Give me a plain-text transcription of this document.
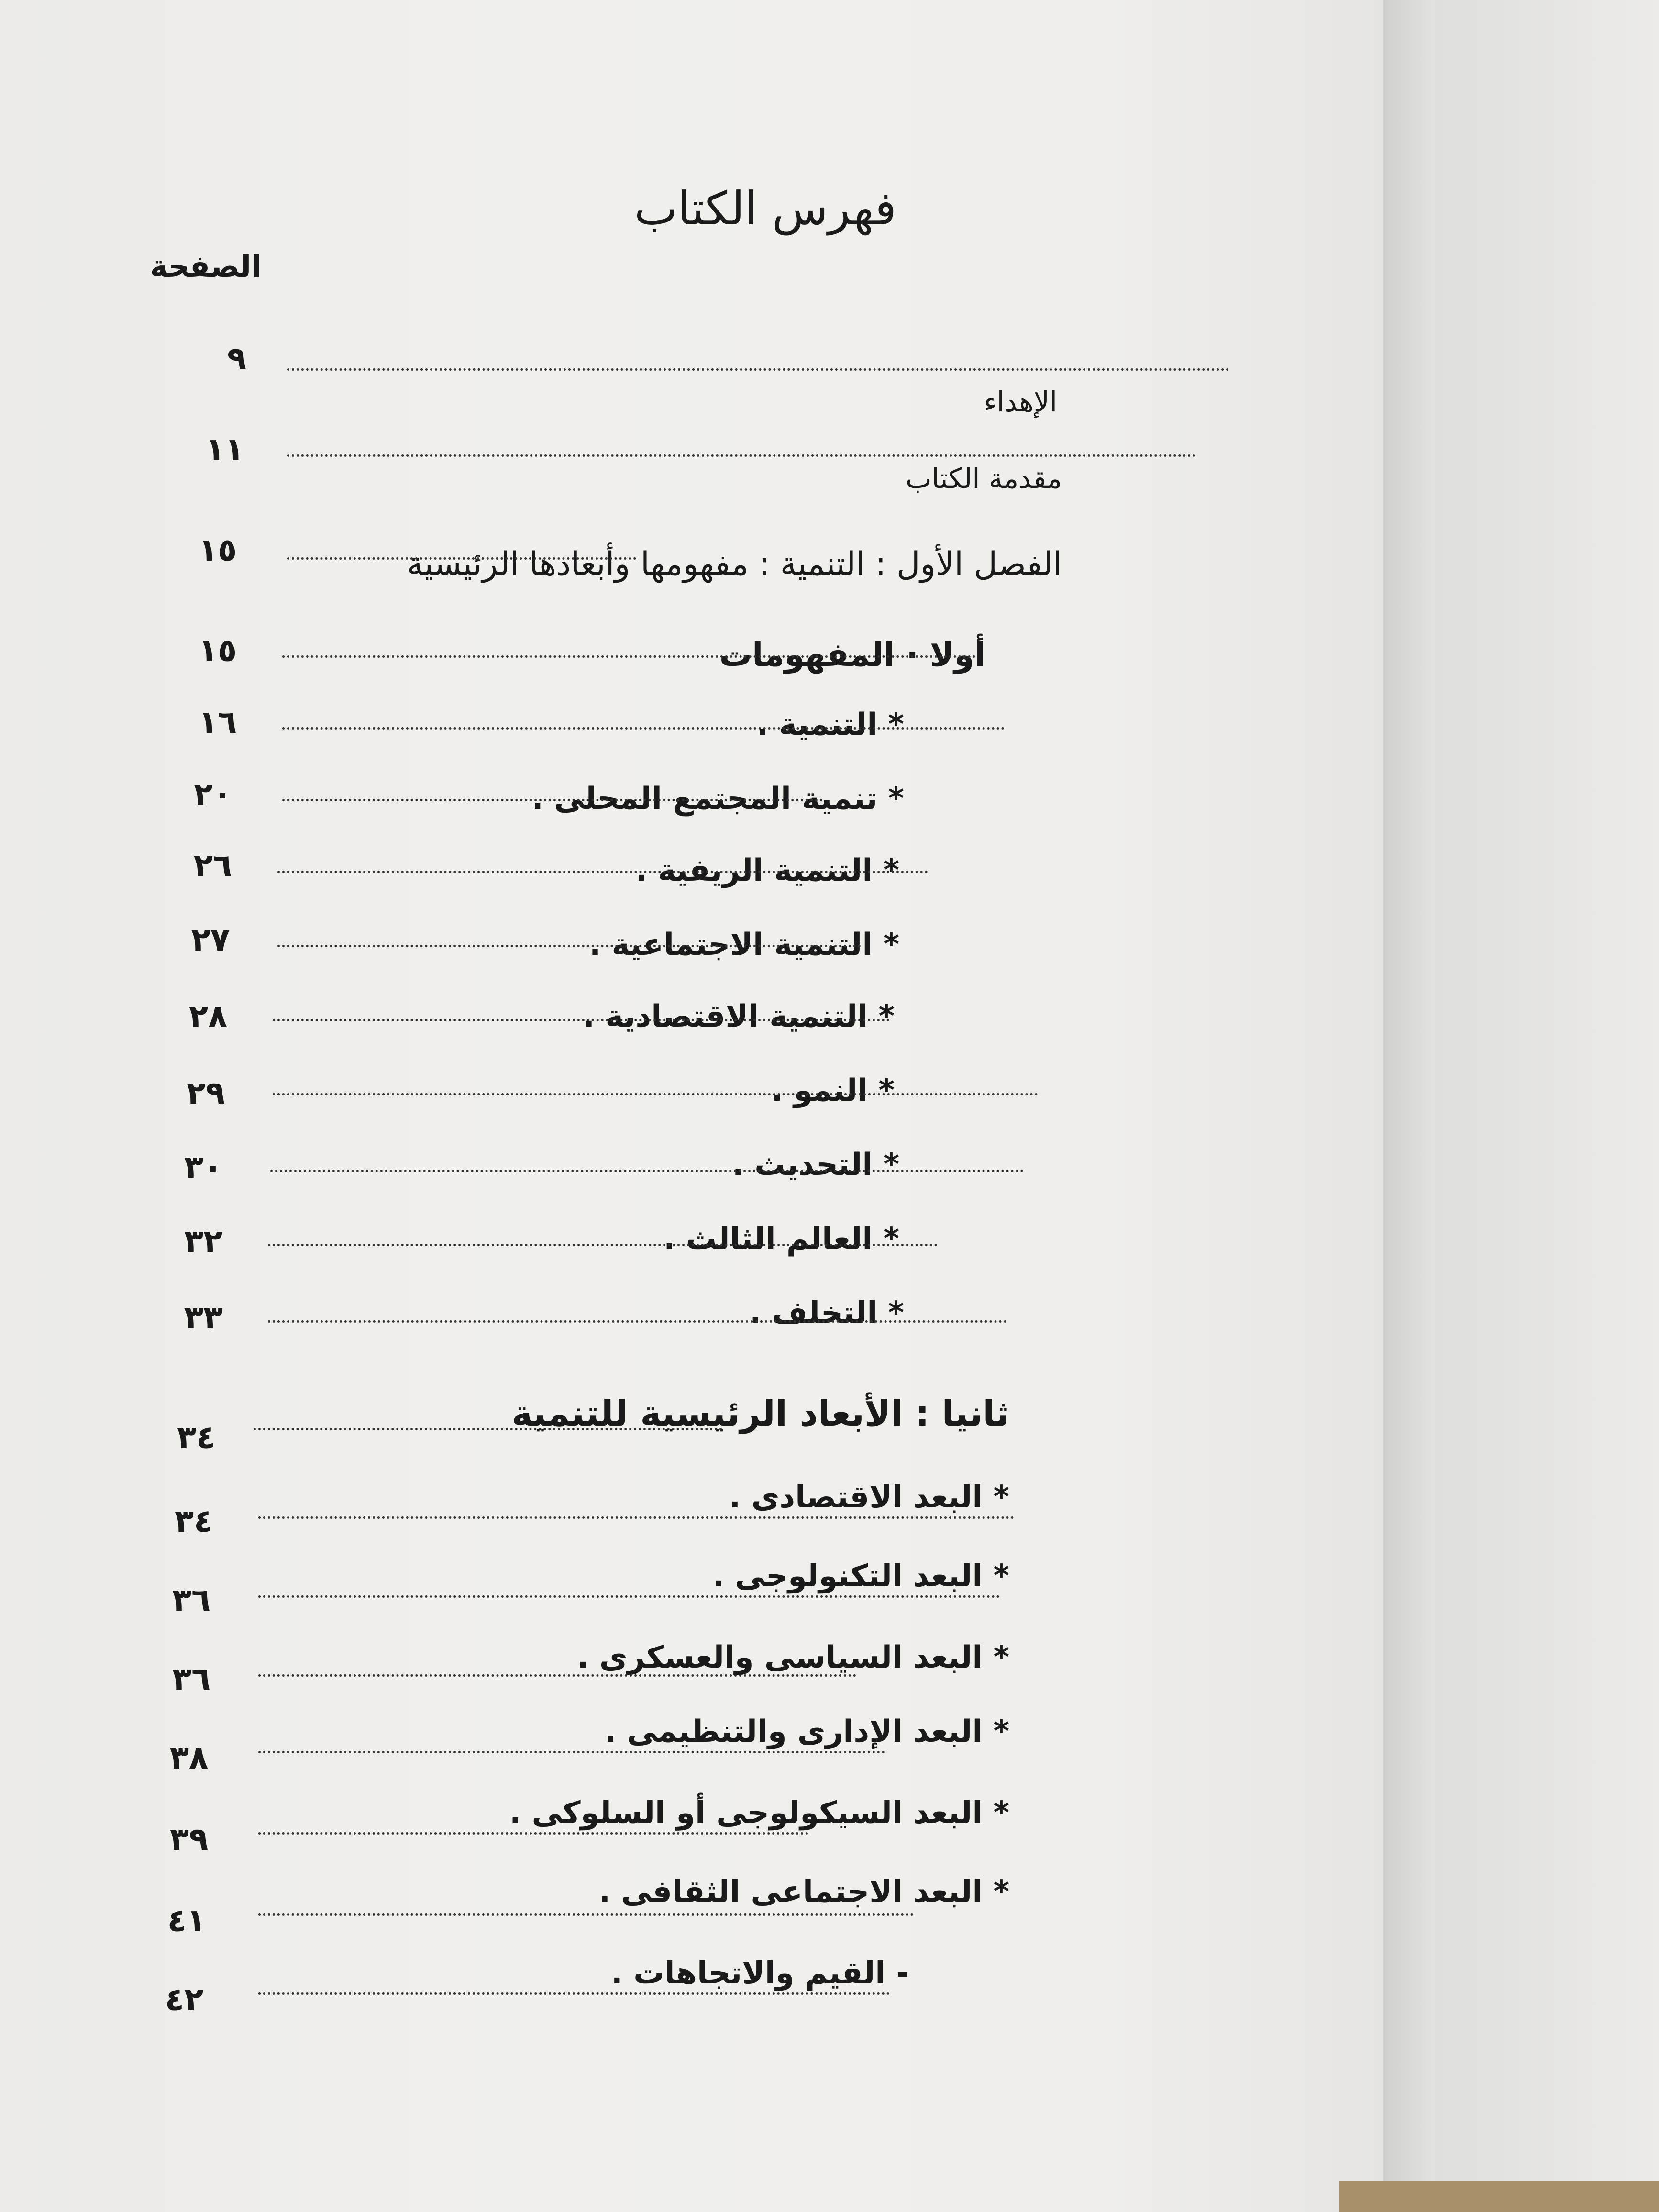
فهرس الكتاب
الصفحة
الإهداء
٩
مقدمة الكتاب
١١
الفصل الأول : التنمية : مفهومها وأبعادها الرئيسية
١٥
أولا · المفهومات
١٥
* التنمية .
١٦
* تنمية المجتمع المحلى .
٢٠
* التنمية الريفية .
٢٦
* التنمية الاجتماعية .
٢٧
* التنمية الاقتصادية .
٢٨
* النمو .
٢٩
* التحديث .
٣٠
* العالم الثالث .
٣٢
* التخلف .
٣٣
ثانيا : الأبعاد الرئيسية للتنمية
٣٤
* البعد الاقتصادى .
٣٤
* البعد التكنولوجى .
٣٦
* البعد السياسى والعسكرى .
٣٦
* البعد الإدارى والتنظيمى .
٣٨
* البعد السيكولوجى أو السلوكى .
٣٩
* البعد الاجتماعى الثقافى .
٤١
- القيم والاتجاهات .
٤٢
